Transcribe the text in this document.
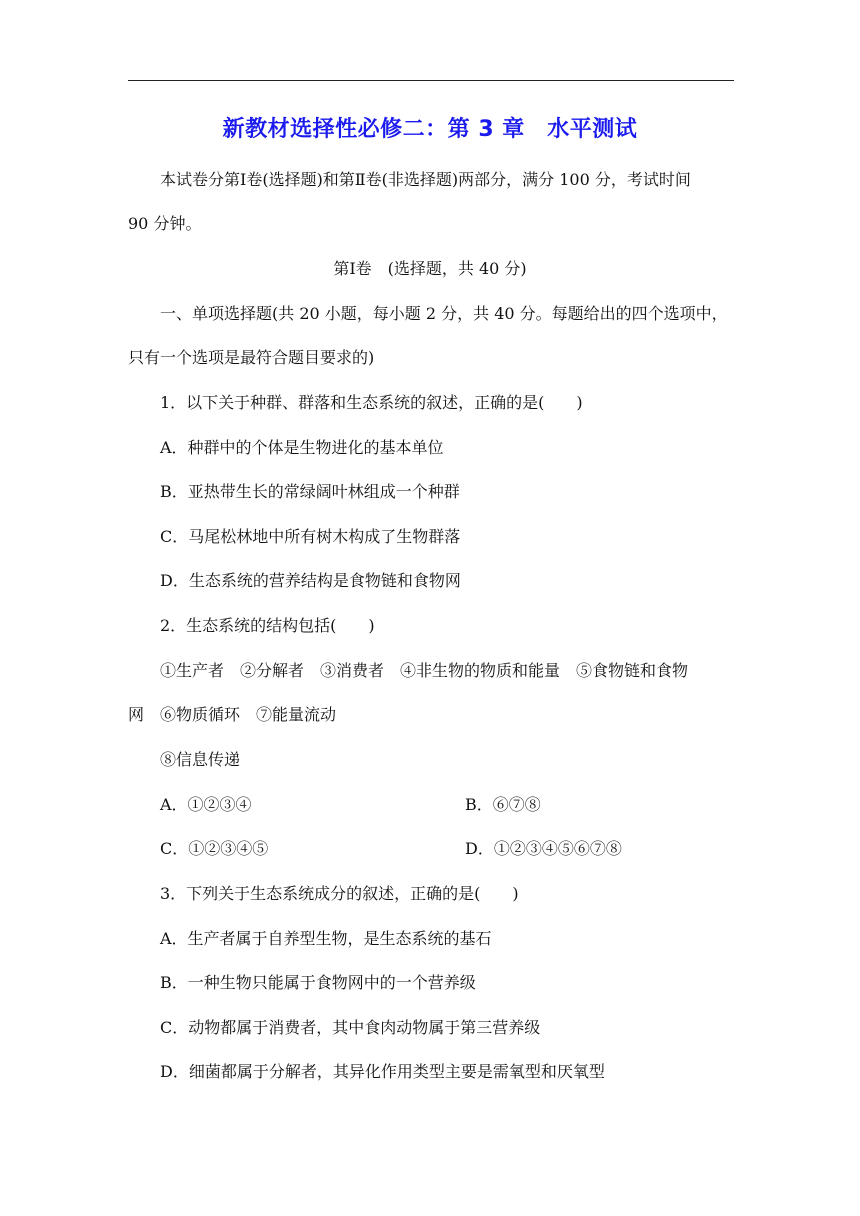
新教材选择性必修二：第 3 章　水平测试
本试卷分第Ⅰ卷(选择题)和第Ⅱ卷(非选择题)两部分，满分 100 分，考试时间
90 分钟。
第Ⅰ卷　(选择题，共 40 分)
一、单项选择题(共 20 小题，每小题 2 分，共 40 分。每题给出的四个选项中，
只有一个选项是最符合题目要求的)
1．以下关于种群、群落和生态系统的叙述，正确的是(　　)
A．种群中的个体是生物进化的基本单位
B．亚热带生长的常绿阔叶林组成一个种群
C．马尾松林地中所有树木构成了生物群落
D．生态系统的营养结构是食物链和食物网
2．生态系统的结构包括(　　)
①生产者　②分解者　③消费者　④非生物的物质和能量　⑤食物链和食物
网　⑥物质循环　⑦能量流动
⑧信息传递
A．①②③④	B．⑥⑦⑧
C．①②③④⑤	D．①②③④⑤⑥⑦⑧
3．下列关于生态系统成分的叙述，正确的是(　　)
A．生产者属于自养型生物，是生态系统的基石
B．一种生物只能属于食物网中的一个营养级
C．动物都属于消费者，其中食肉动物属于第三营养级
D．细菌都属于分解者，其异化作用类型主要是需氧型和厌氧型
